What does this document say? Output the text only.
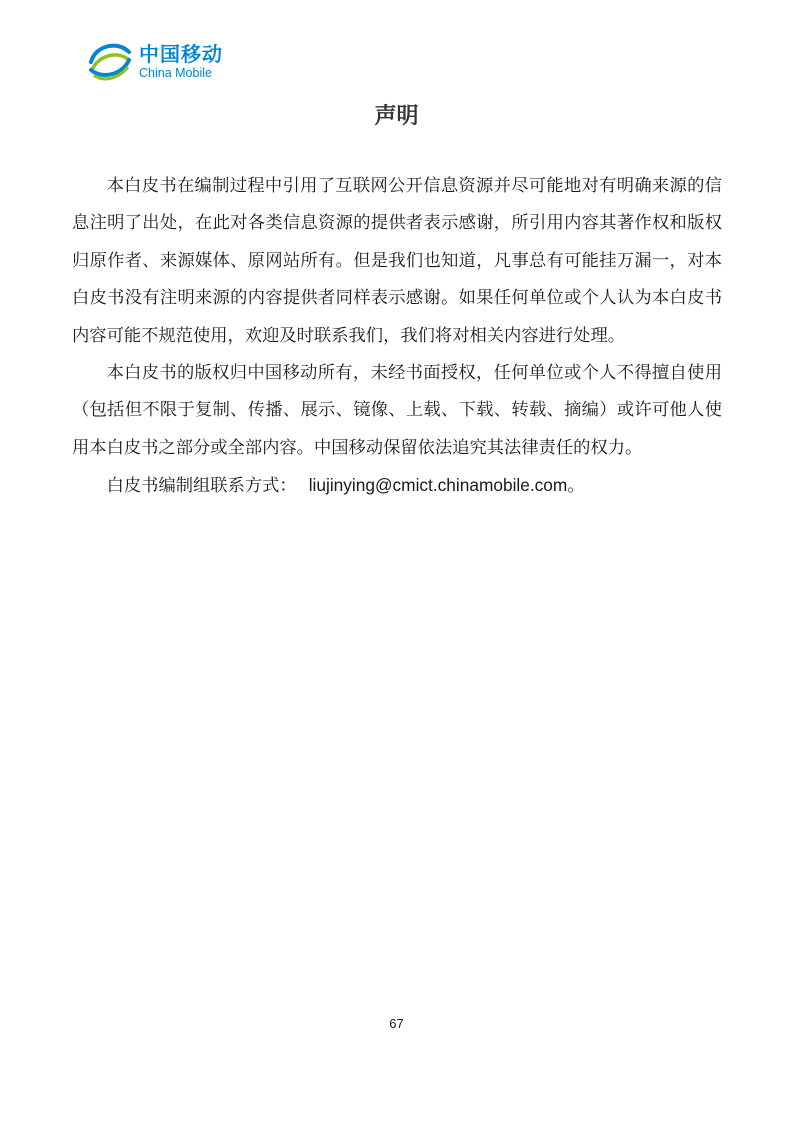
中国移动
China Mobile
声明

本白皮书在编制过程中引用了互联网公开信息资源并尽可能地对有明确来源的信息注明了出处，在此对各类信息资源的提供者表示感谢，所引用内容其著作权和版权归原作者、来源媒体、原网站所有。但是我们也知道，凡事总有可能挂万漏一，对本白皮书没有注明来源的内容提供者同样表示感谢。如果任何单位或个人认为本白皮书内容可能不规范使用，欢迎及时联系我们，我们将对相关内容进行处理。

本白皮书的版权归中国移动所有，未经书面授权，任何单位或个人不得擅自使用（包括但不限于复制、传播、展示、镜像、上载、下载、转载、摘编）或许可他人使用本白皮书之部分或全部内容。中国移动保留依法追究其法律责任的权力。

白皮书编制组联系方式： liujinying@cmict.chinamobile.com。

67
